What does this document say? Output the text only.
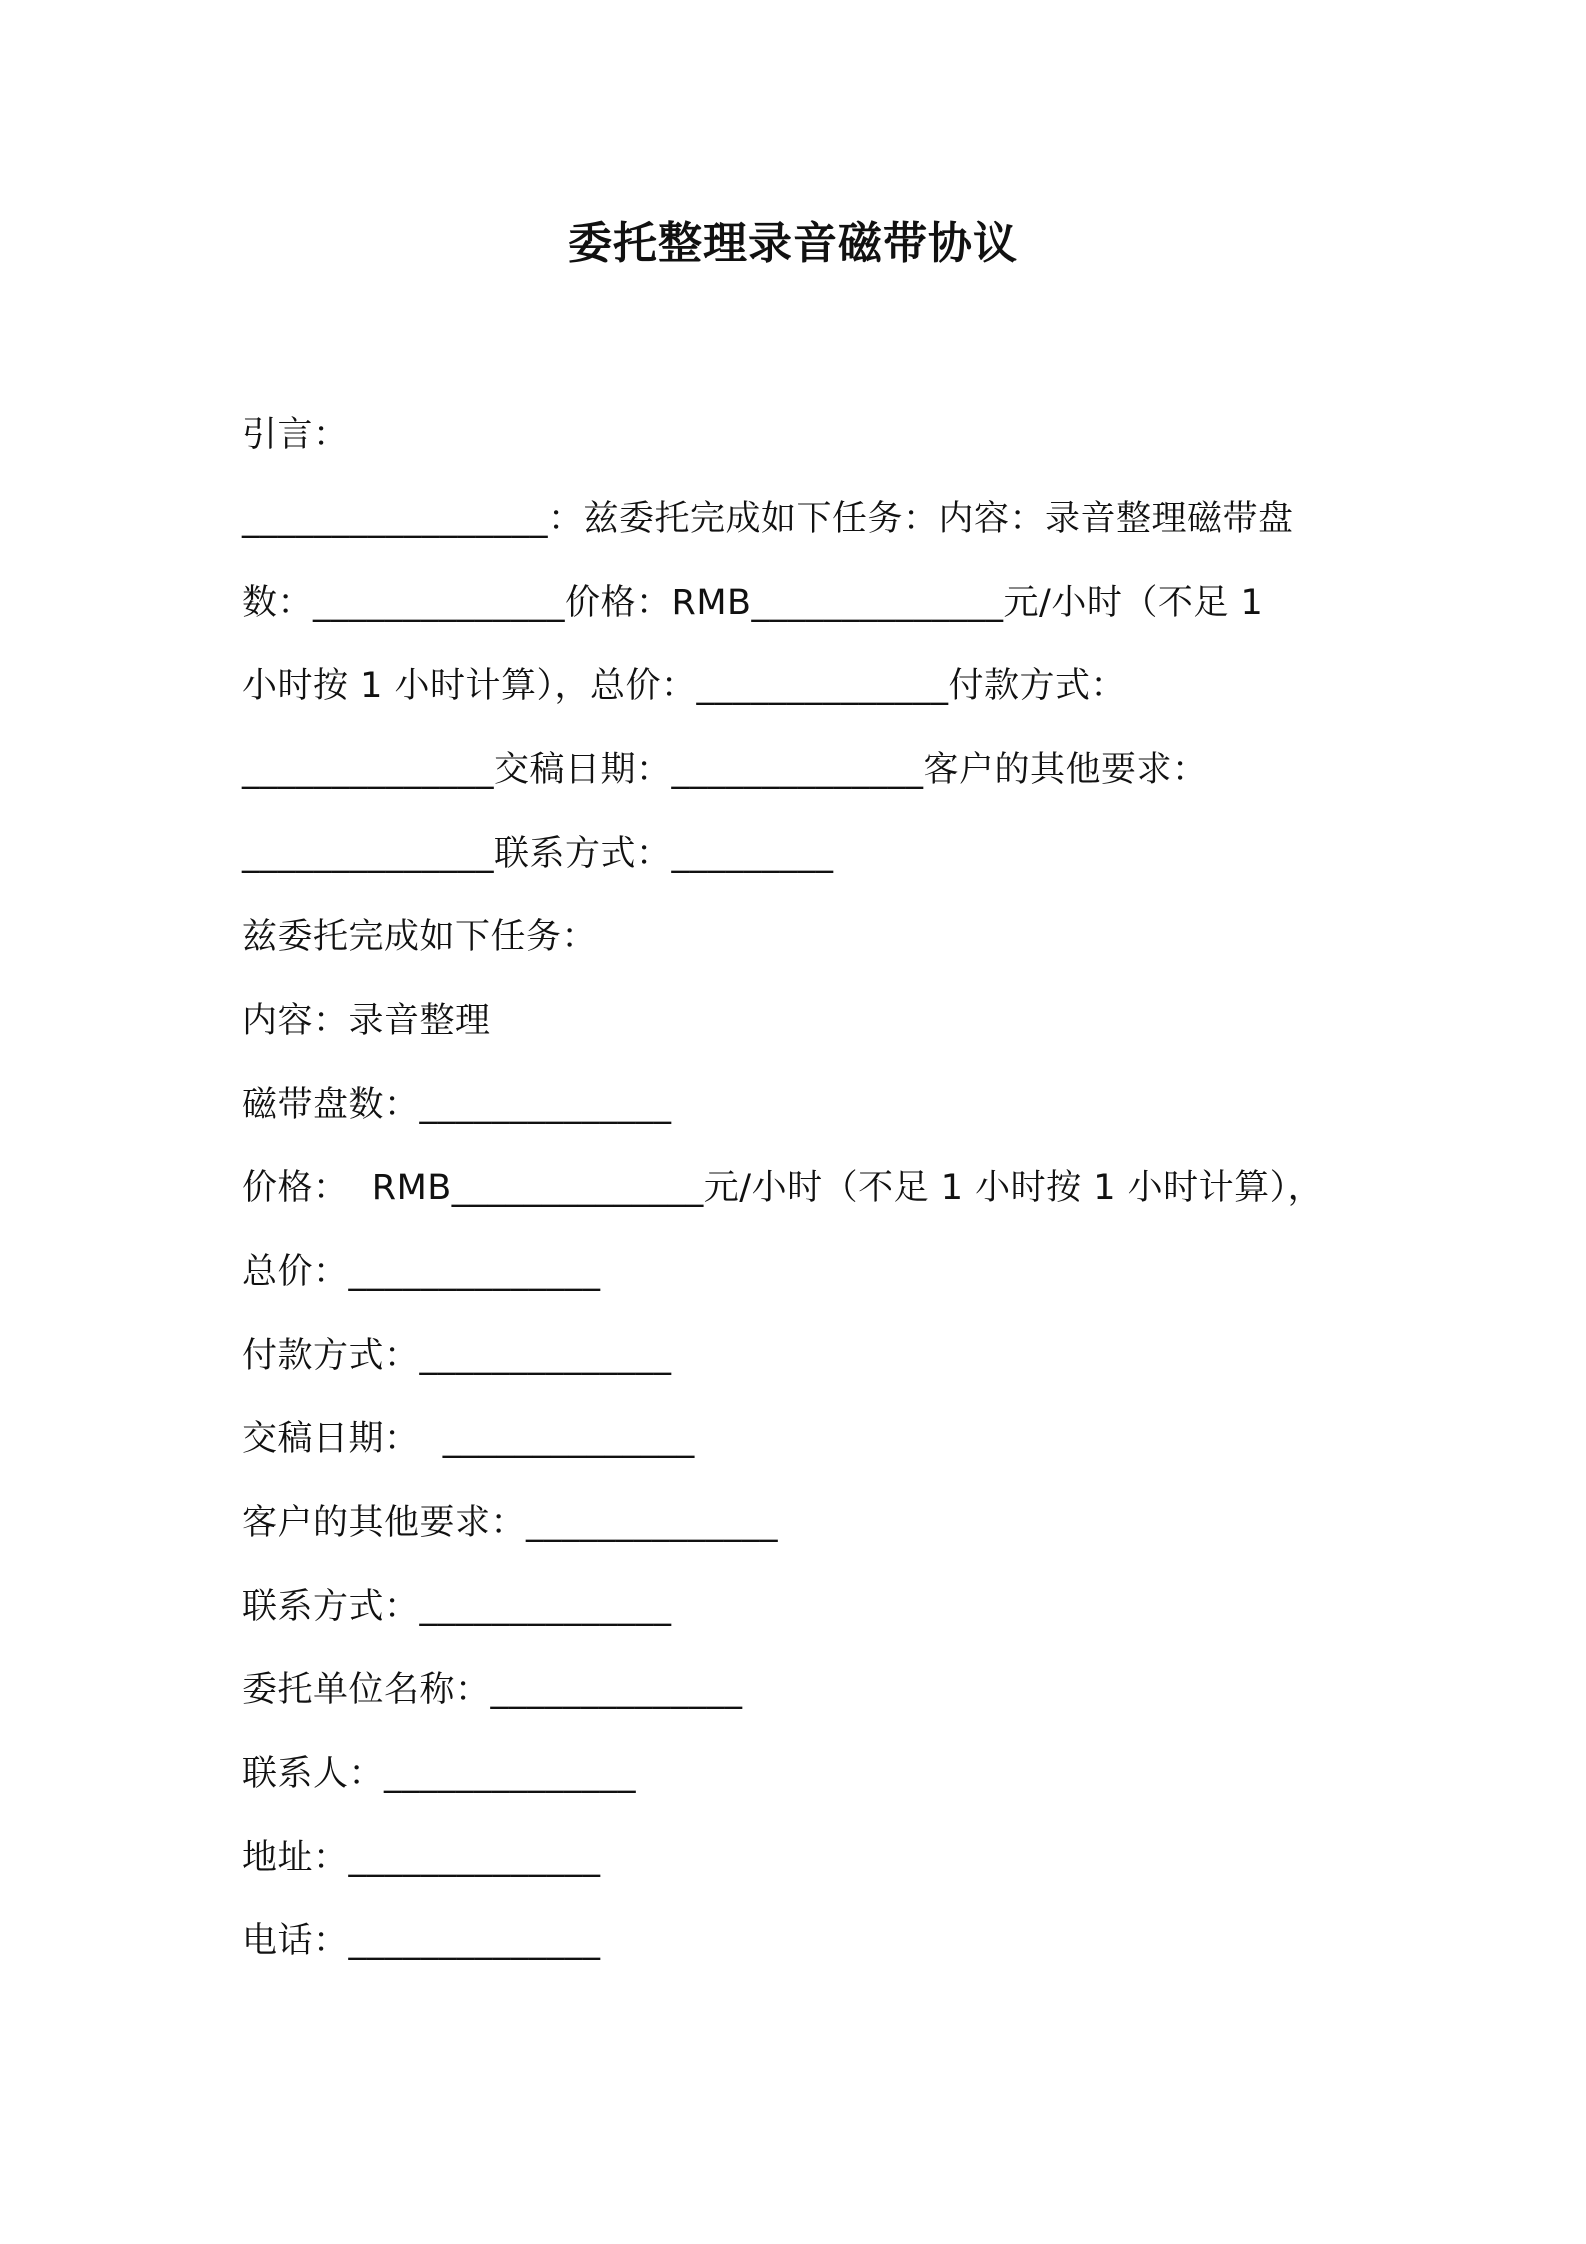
委托整理录音磁带协议
引言：
_________________：兹委托完成如下任务：内容：录音整理磁带盘
数：______________价格：RMB______________元/小时（不足 1
小时按 1 小时计算），总价：______________付款方式：
______________交稿日期：______________客户的其他要求：
______________联系方式：_________
兹委托完成如下任务：
内容：录音整理
磁带盘数：______________
价格：  RMB______________元/小时（不足 1 小时按 1 小时计算），
总价：______________
付款方式：______________
交稿日期：  ______________
客户的其他要求：______________
联系方式：______________
委托单位名称：______________
联系人：______________
地址：______________
电话：______________
